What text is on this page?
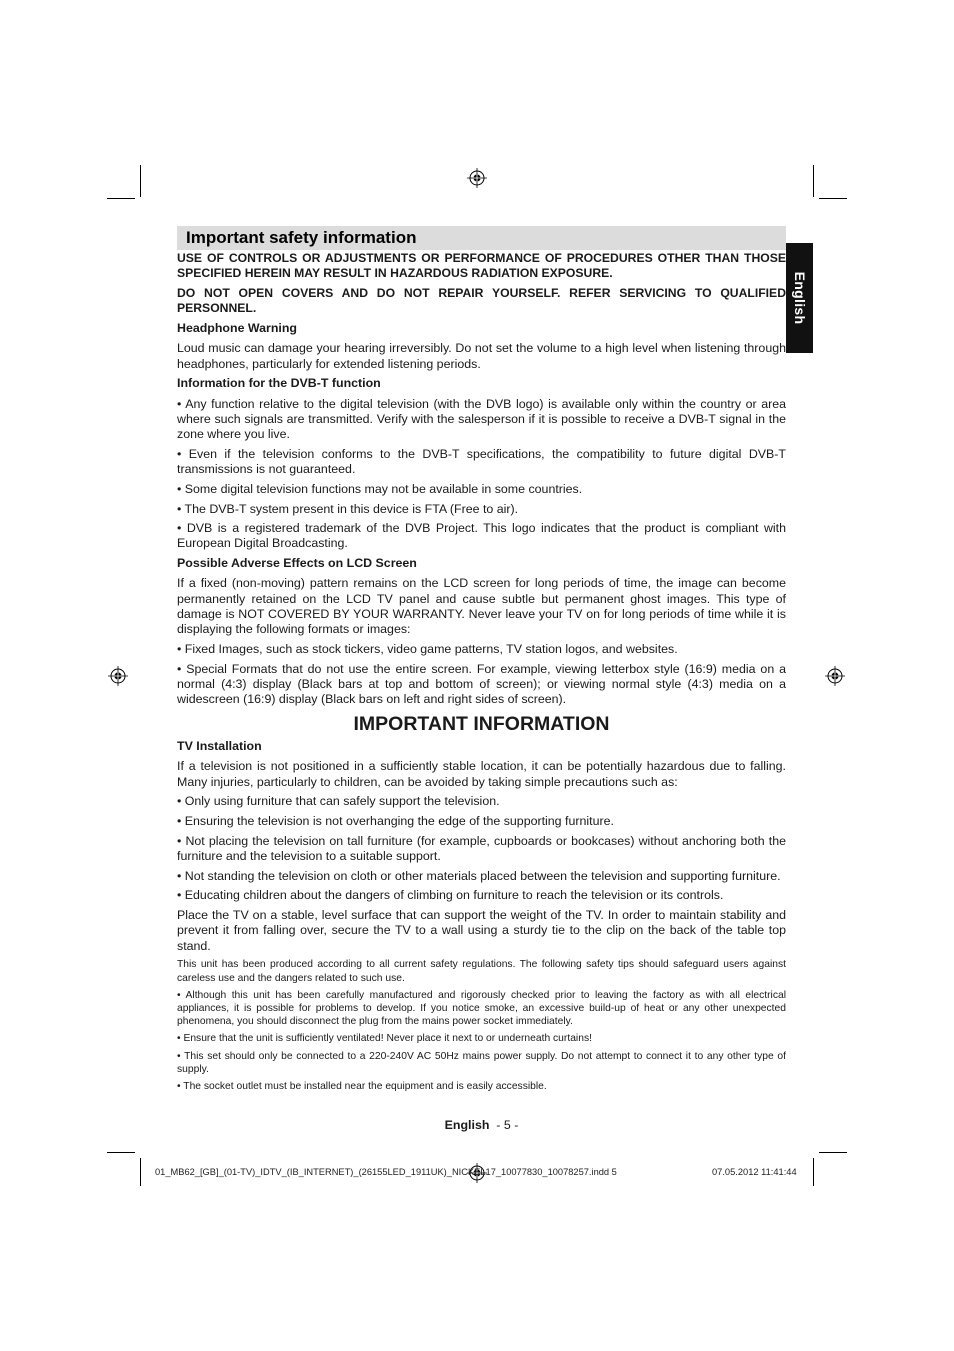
Important safety information
English

USE OF CONTROLS OR ADJUSTMENTS OR PERFORMANCE OF PROCEDURES OTHER THAN THOSE SPECIFIED HEREIN MAY RESULT IN HAZARDOUS RADIATION EXPOSURE.

DO NOT OPEN COVERS AND DO NOT REPAIR YOURSELF. REFER SERVICING TO QUALIFIED PERSONNEL.

Headphone Warning

Loud music can damage your hearing irreversibly. Do not set the volume to a high level when listening through headphones, particularly for extended listening periods.

Information for the DVB-T function

• Any function relative to the digital television (with the DVB logo) is available only within the country or area where such signals are transmitted. Verify with the salesperson if it is possible to receive a DVB-T signal in the zone where you live.

• Even if the television conforms to the DVB-T specifications, the compatibility to future digital DVB-T transmissions is not guaranteed.

• Some digital television functions may not be available in some countries.

• The DVB-T system present in this device is FTA (Free to air).

• DVB is a registered trademark of the DVB Project. This logo indicates that the product is compliant with European Digital Broadcasting.

Possible Adverse Effects on LCD Screen

If a fixed (non-moving) pattern remains on the LCD screen for long periods of time, the image can become permanently retained on the LCD TV panel and cause subtle but permanent ghost images. This type of damage is NOT COVERED BY YOUR WARRANTY. Never leave your TV on for long periods of time while it is displaying the following formats or images:

• Fixed Images, such as stock tickers, video game patterns, TV station logos, and websites.

• Special Formats that do not use the entire screen. For example, viewing letterbox style (16:9) media on a normal (4:3) display (Black bars at top and bottom of screen); or viewing normal style (4:3) media on a widescreen (16:9) display (Black bars on left and right sides of screen).

IMPORTANT INFORMATION

TV Installation

If a television is not positioned in a sufficiently stable location, it can be potentially hazardous due to falling. Many injuries, particularly to children, can be avoided by taking simple precautions such as:

• Only using furniture that can safely support the television.

• Ensuring the television is not overhanging the edge of the supporting furniture.

• Not placing the television on tall furniture (for example, cupboards or bookcases) without anchoring both the furniture and the television to a suitable support.

• Not standing the television on cloth or other materials placed between the television and supporting furniture.

• Educating children about the dangers of climbing on furniture to reach the television or its controls.

Place the TV on a stable, level surface that can support the weight of the TV. In order to maintain stability and prevent it from falling over, secure the TV to a wall using a sturdy tie to the clip on the back of the table top stand.

This unit has been produced according to all current safety regulations. The following safety tips should safeguard users against careless use and the dangers related to such use.

• Although this unit has been carefully manufactured and rigorously checked prior to leaving the factory as with all electrical appliances, it is possible for problems to develop. If you notice smoke, an excessive build-up of heat or any other unexpected phenomena, you should disconnect the plug from the mains power socket immediately.

• Ensure that the unit is sufficiently ventilated! Never place it next to or underneath curtains!

• This set should only be connected to a 220-240V AC 50Hz mains power supply. Do not attempt to connect it to any other type of supply.

• The socket outlet must be installed near the equipment and is easily accessible.

English - 5 -
01_MB62_[GB]_(01-TV)_IDTV_(IB_INTERNET)_(26155LED_1911UK)_NICKEL17_10077830_10078257.indd 5	07.05.2012 11:41:44
